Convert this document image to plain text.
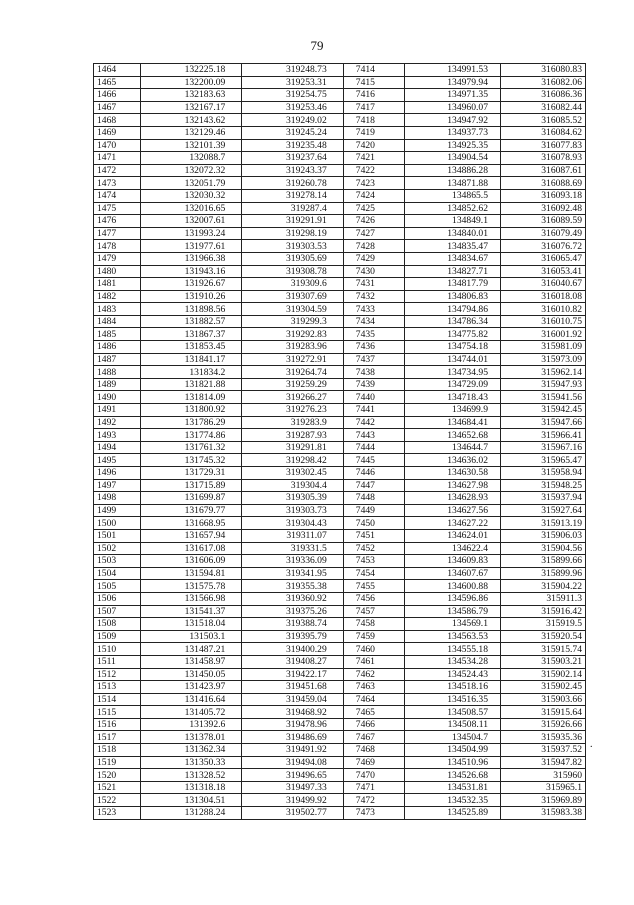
79
1464	132225.18	319248.73	7414	134991.53	316080.83
1465	132200.09	319253.31	7415	134979.94	316082.06
1466	132183.63	319254.75	7416	134971.35	316086.36
1467	132167.17	319253.46	7417	134960.07	316082.44
1468	132143.62	319249.02	7418	134947.92	316085.52
1469	132129.46	319245.24	7419	134937.73	316084.62
1470	132101.39	319235.48	7420	134925.35	316077.83
1471	132088.7	319237.64	7421	134904.54	316078.93
1472	132072.32	319243.37	7422	134886.28	316087.61
1473	132051.79	319260.78	7423	134871.88	316088.69
1474	132030.32	319278.14	7424	134865.5	316093.18
1475	132016.65	319287.4	7425	134852.62	316092.48
1476	132007.61	319291.91	7426	134849.1	316089.59
1477	131993.24	319298.19	7427	134840.01	316079.49
1478	131977.61	319303.53	7428	134835.47	316076.72
1479	131966.38	319305.69	7429	134834.67	316065.47
1480	131943.16	319308.78	7430	134827.71	316053.41
1481	131926.67	319309.6	7431	134817.79	316040.67
1482	131910.26	319307.69	7432	134806.83	316018.08
1483	131898.56	319304.59	7433	134794.86	316010.82
1484	131882.57	319299.3	7434	134786.34	316010.75
1485	131867.37	319292.83	7435	134775.82	316001.92
1486	131853.45	319283.96	7436	134754.18	315981.09
1487	131841.17	319272.91	7437	134744.01	315973.09
1488	131834.2	319264.74	7438	134734.95	315962.14
1489	131821.88	319259.29	7439	134729.09	315947.93
1490	131814.09	319266.27	7440	134718.43	315941.56
1491	131800.92	319276.23	7441	134699.9	315942.45
1492	131786.29	319283.9	7442	134684.41	315947.66
1493	131774.86	319287.93	7443	134652.68	315966.41
1494	131761.32	319291.81	7444	134644.7	315967.16
1495	131745.32	319298.42	7445	134636.02	315965.47
1496	131729.31	319302.45	7446	134630.58	315958.94
1497	131715.89	319304.4	7447	134627.98	315948.25
1498	131699.87	319305.39	7448	134628.93	315937.94
1499	131679.77	319303.73	7449	134627.56	315927.64
1500	131668.95	319304.43	7450	134627.22	315913.19
1501	131657.94	319311.07	7451	134624.01	315906.03
1502	131617.08	319331.5	7452	134622.4	315904.56
1503	131606.09	319336.09	7453	134609.83	315899.66
1504	131594.81	319341.95	7454	134607.67	315899.96
1505	131575.78	319355.38	7455	134600.88	315904.22
1506	131566.98	319360.92	7456	134596.86	315911.3
1507	131541.37	319375.26	7457	134586.79	315916.42
1508	131518.04	319388.74	7458	134569.1	315919.5
1509	131503.1	319395.79	7459	134563.53	315920.54
1510	131487.21	319400.29	7460	134555.18	315915.74
1511	131458.97	319408.27	7461	134534.28	315903.21
1512	131450.05	319422.17	7462	134524.43	315902.14
1513	131423.97	319451.68	7463	134518.16	315902.45
1514	131416.64	319459.04	7464	134516.35	315903.66
1515	131405.72	319468.92	7465	134508.57	315915.64
1516	131392.6	319478.96	7466	134508.11	315926.66
1517	131378.01	319486.69	7467	134504.7	315935.36
1518	131362.34	319491.92	7468	134504.99	315937.52
1519	131350.33	319494.08	7469	134510.96	315947.82
1520	131328.52	319496.65	7470	134526.68	315960
1521	131318.18	319497.33	7471	134531.81	315965.1
1522	131304.51	319499.92	7472	134532.35	315969.89
1523	131288.24	319502.77	7473	134525.89	315983.38
.
